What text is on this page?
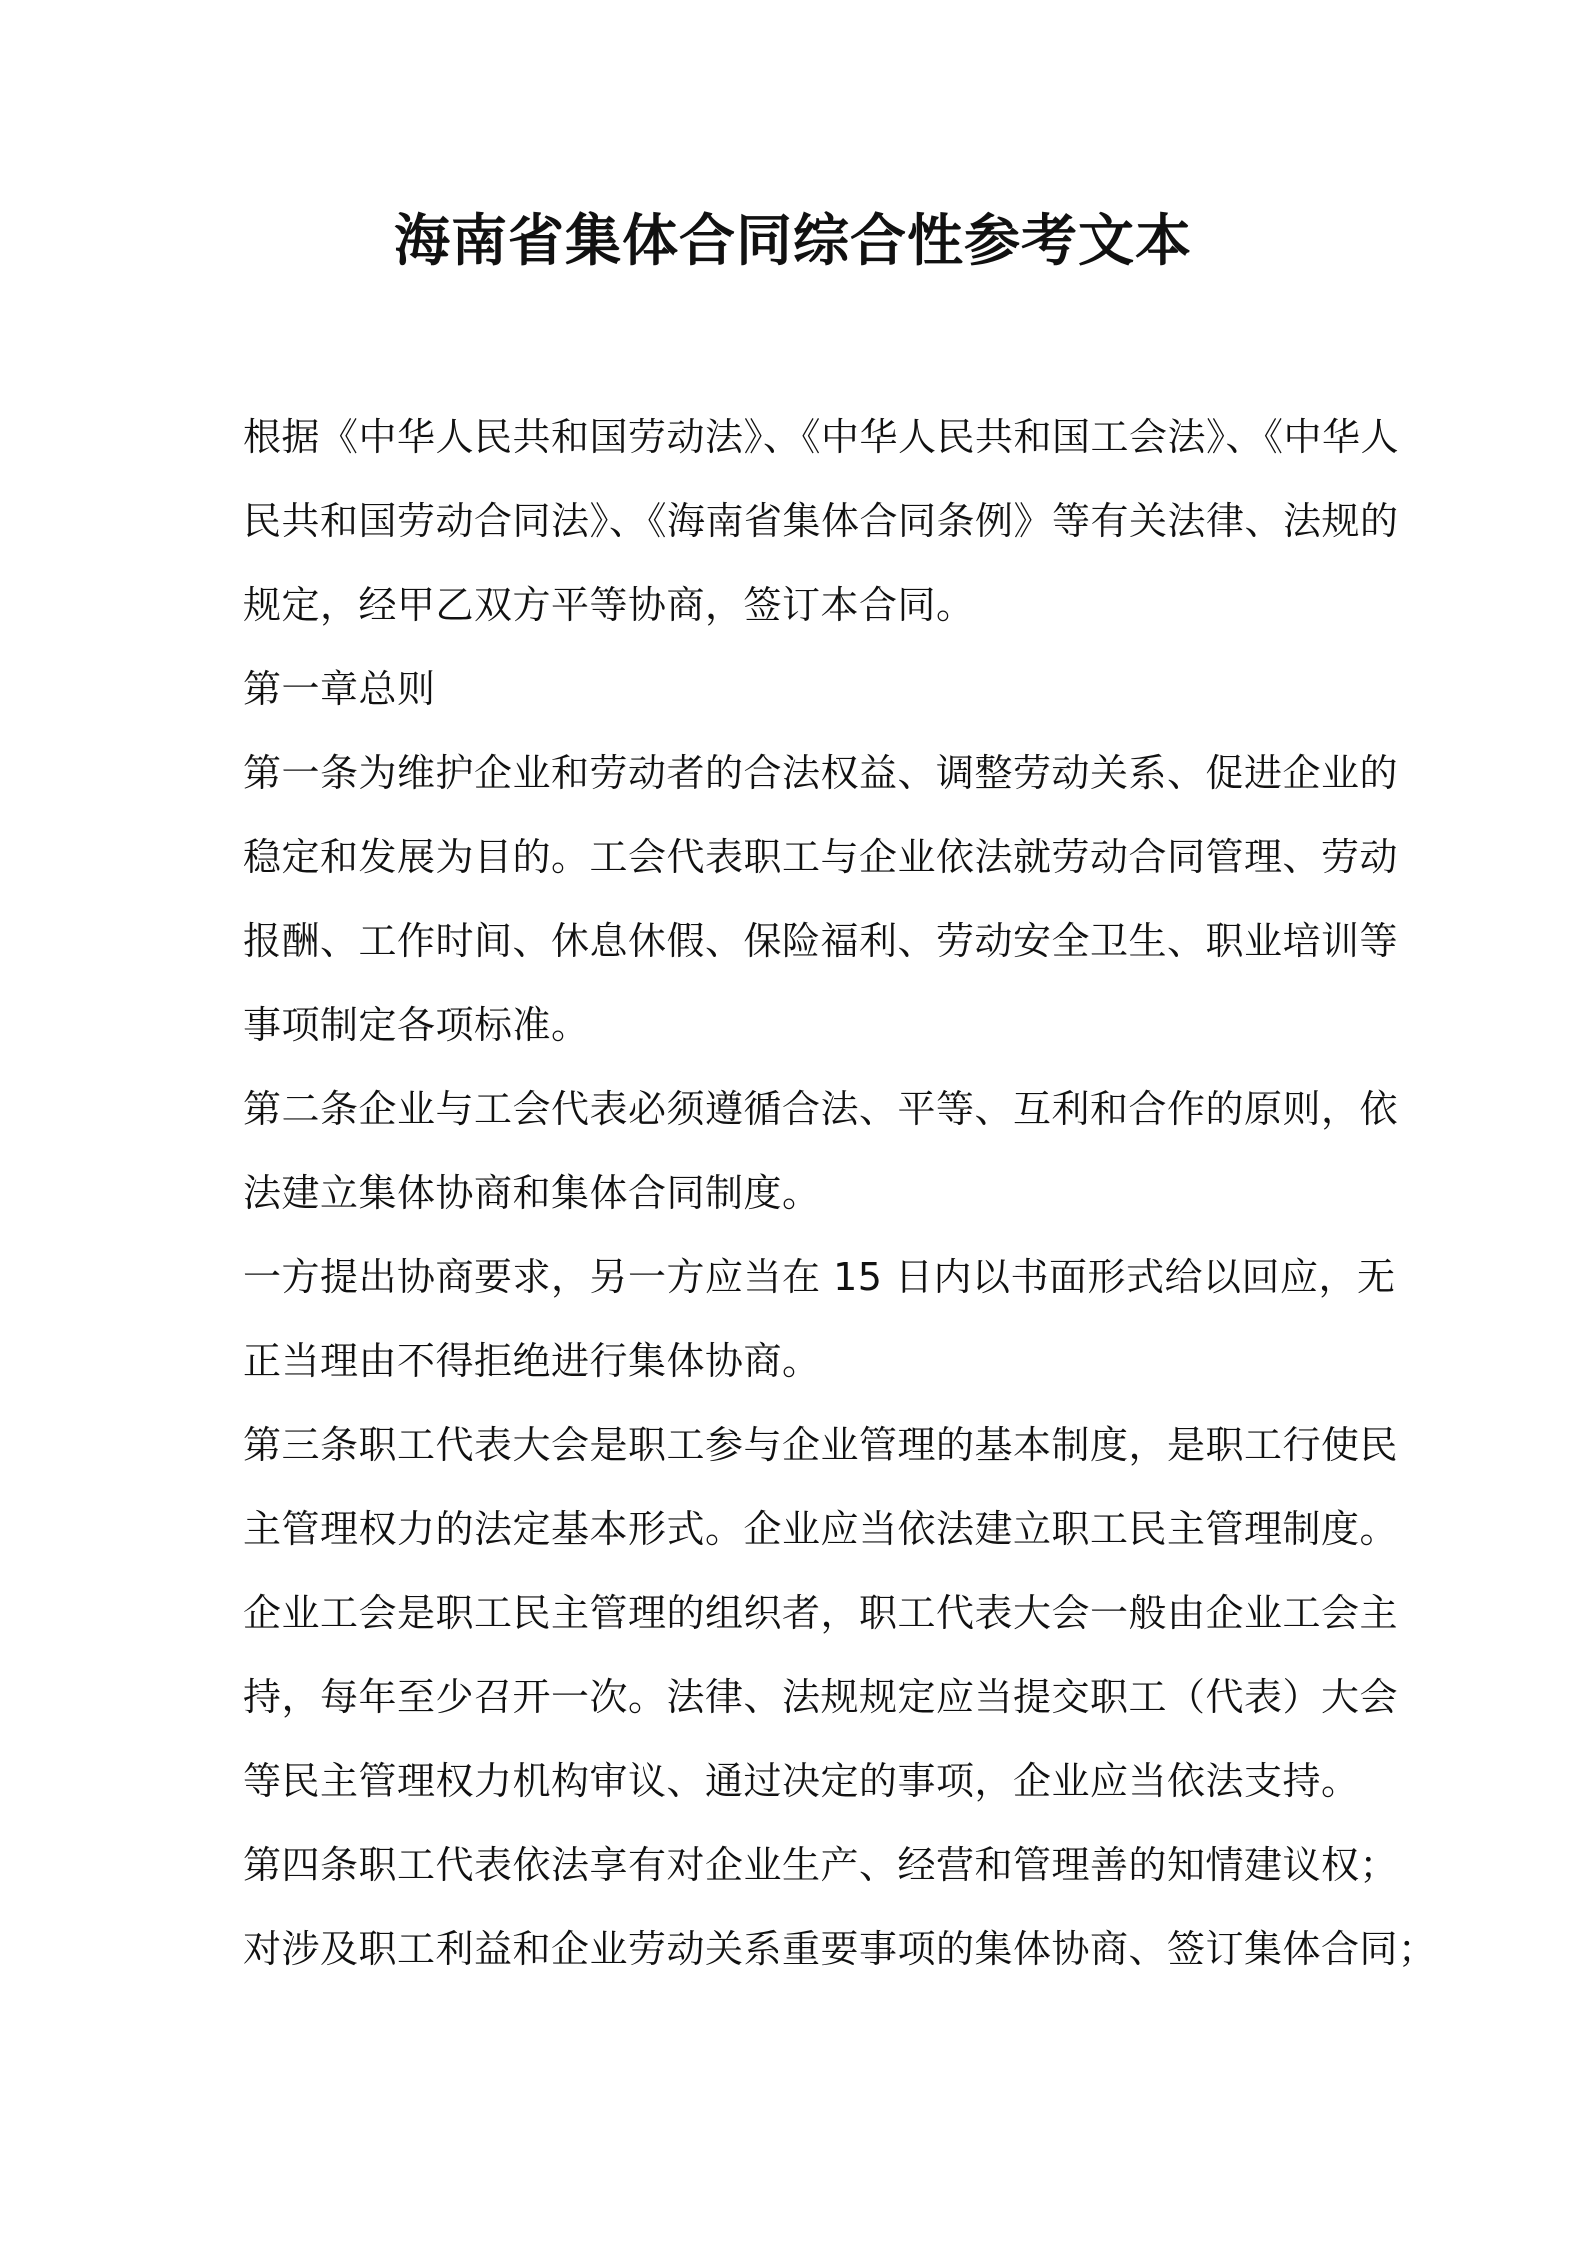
海南省集体合同综合性参考文本
根据《中华人民共和国劳动法》、《中华人民共和国工会法》、《中华人
民共和国劳动合同法》、《海南省集体合同条例》等有关法律、法规的
规定，经甲乙双方平等协商，签订本合同。
第一章总则
第一条为维护企业和劳动者的合法权益、调整劳动关系、促进企业的
稳定和发展为目的。工会代表职工与企业依法就劳动合同管理、劳动
报酬、工作时间、休息休假、保险福利、劳动安全卫生、职业培训等
事项制定各项标准。
第二条企业与工会代表必须遵循合法、平等、互利和合作的原则，依
法建立集体协商和集体合同制度。
一方提出协商要求，另一方应当在 15 日内以书面形式给以回应，无
正当理由不得拒绝进行集体协商。
第三条职工代表大会是职工参与企业管理的基本制度，是职工行使民
主管理权力的法定基本形式。企业应当依法建立职工民主管理制度。
企业工会是职工民主管理的组织者，职工代表大会一般由企业工会主
持，每年至少召开一次。法律、法规规定应当提交职工（代表）大会
等民主管理权力机构审议、通过决定的事项，企业应当依法支持。
第四条职工代表依法享有对企业生产、经营和管理善的知情建议权；
对涉及职工利益和企业劳动关系重要事项的集体协商、签订集体合同；
